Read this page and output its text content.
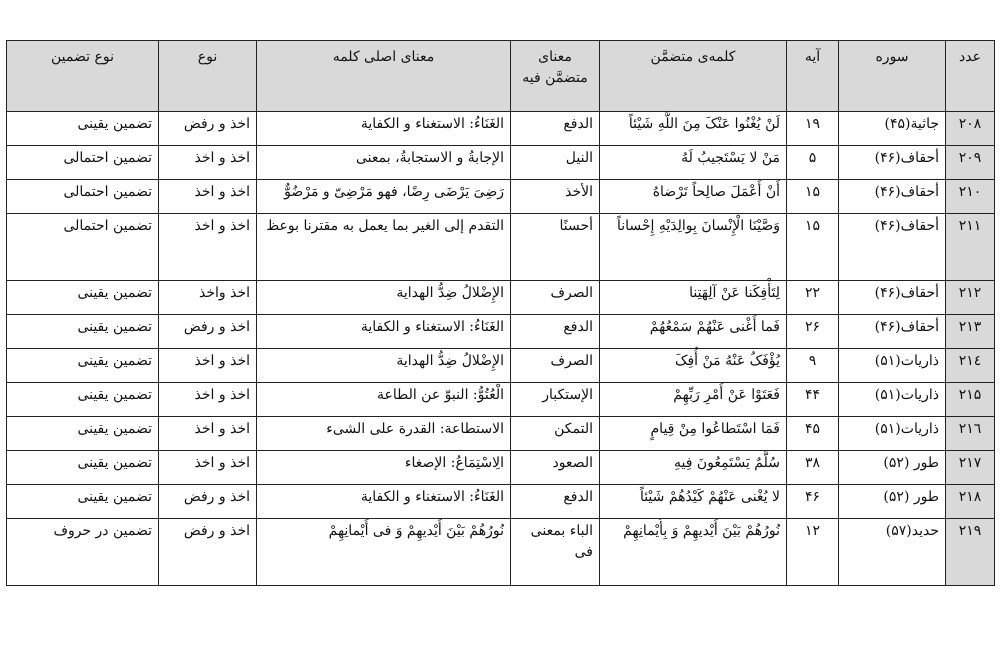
عدد	سوره	آیه	کلمه‌ی متضمَّن	معنای متضمَّن فیه	معنای اصلی کلمه	نوع	نوع تضمین
۲۰۸	جاثیة(۴۵)	۱۹	لَنْ یُغْنُوا عَنْکَ مِنَ اللَّهِ شَیْئاً	الدفع	الغَنَاءُ: الاستغناء و الکفایة	اخذ و رفض	تضمین یقینی
۲۰۹	أحقاف(۴۶)	۵	مَنْ لا یَسْتَجیبُ لَهُ	النیل	الإجابةُ و الاستجابةُ، بمعنی	اخذ و اخذ	تضمین احتمالی
۲۱۰	أحقاف(۴۶)	۱۵	أَنْ أَعْمَلَ صالِحاً تَرْضاهُ	الأخذ	رَضِیَ یَرْضَی رِضًا، فهو مَرْضِیّ و مَرْضُوٌّ	اخذ و اخذ	تضمین احتمالی
۲۱۱	أحقاف(۴۶)	۱۵	وَصَّیْنَا الْإِنْسانَ بِوالِدَیْهِ إِحْساناً	أحسنًا	التقدم إلی الغیر بما یعمل به مقترنا بوعظ	اخذ و اخذ	تضمین احتمالی
۲۱۲	أحقاف(۴۶)	۲۲	لِتَأْفِکَنا عَنْ آلِهَتِنا	الصرف	الإِضْلالُ ضِدُّ الهدایة	اخذ واخذ	تضمین یقینی
۲۱۳	أحقاف(۴۶)	۲۶	فَما أَغْنی عَنْهُمْ سَمْعُهُمْ	الدفع	الغَنَاءُ: الاستغناء و الکفایة	اخذ و رفض	تضمین یقینی
۲۱٤	ذاریات(۵۱)	۹	یُؤْفَکُ عَنْهُ مَنْ أُفِکَ	الصرف	الإِضْلالُ ضِدُّ الهدایة	اخذ و اخذ	تضمین یقینی
۲۱۵	ذاریات(۵۱)	۴۴	فَعَتَوْا عَنْ أَمْرِ رَبِّهِمْ	الإستکبار	الْعُتُوُّ: النبوّ عن الطاعة	اخذ و اخذ	تضمین یقینی
۲۱٦	ذاریات(۵۱)	۴۵	فَمَا اسْتَطاعُوا مِنْ قِیامٍ	التمکن	الاستطاعة: القدرة علی الشیء	اخذ و اخذ	تضمین یقینی
۲۱۷	طور (۵۲)	۳۸	سُلَّمٌ یَسْتَمِعُونَ فِیهِ	الصعود	الِاسْتِمَاعُ: الإصغاء	اخذ و اخذ	تضمین یقینی
۲۱۸	طور (۵۲)	۴۶	لا یُغْنی عَنْهُمْ کَیْدُهُمْ شَیْئاً	الدفع	الغَنَاءُ: الاستغناء و الکفایة	اخذ و رفض	تضمین یقینی
۲۱۹	حدید(۵۷)	۱۲	نُورُهُمْ بَیْنَ أَیْدیهِمْ وَ بِأَیْمانِهِمْ	الباء بمعنی فی	نُورُهُمْ بَیْنَ أَیْدیهِمْ وَ فی أَیْمانِهِمْ	اخذ و رفض	تضمین در حروف
